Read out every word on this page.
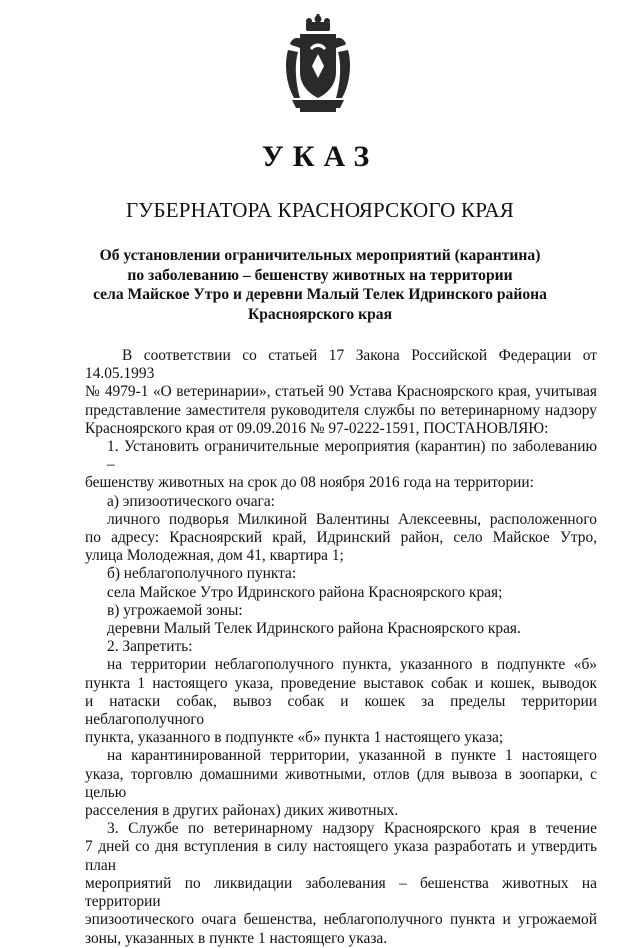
УКАЗ
ГУБЕРНАТОРА КРАСНОЯРСКОГО КРАЯ
Об установлении ограничительных мероприятий (карантина)
по заболеванию – бешенству животных на территории
села Майское Утро и деревни Малый Телек Идринского района
Красноярского края

В соответствии со статьей 17 Закона Российской Федерации от 14.05.1993

№ 4979-1 «О ветеринарии», статьей 90 Устава Красноярского края, учитывая

представление заместителя руководителя службы по ветеринарному надзору

Красноярского края от 09.09.2016 № 97-0222-1591, ПОСТАНОВЛЯЮ:

1. Установить ограничительные мероприятия (карантин) по заболеванию –

бешенству животных на срок до 08 ноября 2016 года на территории:

а) эпизоотического очага:

личного подворья Милкиной Валентины Алексеевны, расположенного

по адресу: Красноярский край, Идринский район, село Майское Утро,

улица Молодежная, дом 41, квартира 1;

б) неблагополучного пункта:

села Майское Утро Идринского района Красноярского края;

в) угрожаемой зоны:

деревни Малый Телек Идринского района Красноярского края.

2. Запретить:

на территории неблагополучного пункта, указанного в подпункте «б»

пункта 1 настоящего указа, проведение выставок собак и кошек, выводок

и натаски собак, вывоз собак и кошек за пределы территории неблагополучного

пункта, указанного в подпункте «б» пункта 1 настоящего указа;

на карантинированной территории, указанной в пункте 1 настоящего

указа, торговлю домашними животными, отлов (для вывоза в зоопарки, с целью

расселения в других районах) диких животных.

3. Службе по ветеринарному надзору Красноярского края в течение

7 дней со дня вступления в силу настоящего указа разработать и утвердить план

мероприятий по ликвидации заболевания – бешенства животных на территории

эпизоотического очага бешенства, неблагополучного пункта и угрожаемой

зоны, указанных в пункте 1 настоящего указа.
